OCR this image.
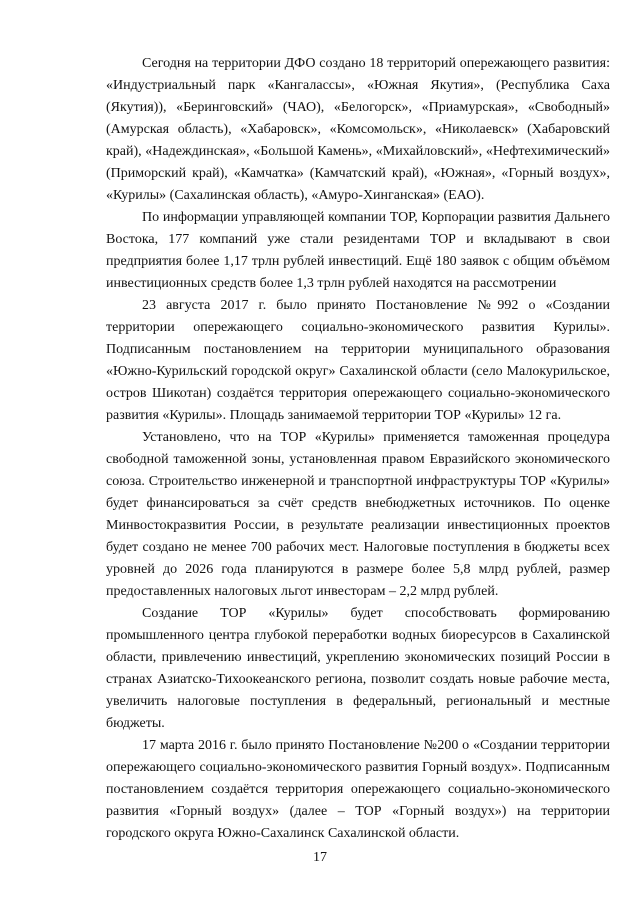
Сегодня на территории ДФО создано 18 территорий опережающего развития: «Индустриальный парк «Кангалассы», «Южная Якутия», (Республика Саха (Якутия)), «Беринговский» (ЧАО), «Белогорск», «Приамурская», «Свободный» (Амурская область), «Хабаровск», «Комсомольск», «Николаевск» (Хабаровский край), «Надеждинская», «Большой Камень», «Михайловский», «Нефтехимический» (Приморский край), «Камчатка» (Камчатский край), «Южная», «Горный воздух», «Курилы» (Сахалинская область), «Амуро-Хинганская» (ЕАО).

По информации управляющей компании ТОР, Корпорации развития Дальнего Востока, 177 компаний уже стали резидентами ТОР и вкладывают в свои предприятия более 1,17 трлн рублей инвестиций. Ещё 180 заявок с общим объёмом инвестиционных средств более 1,3 трлн рублей находятся на рассмотрении

23 августа 2017 г. было принято Постановление №992 о «Создании территории опережающего социально-экономического развития Курилы». Подписанным постановлением на территории муниципального образования «Южно-Курильский городской округ» Сахалинской области (село Малокурильское, остров Шикотан) создаётся территория опережающего социально-экономического развития «Курилы». Площадь занимаемой территории ТОР «Курилы» 12 га.

Установлено, что на ТОР «Курилы» применяется таможенная процедура свободной таможенной зоны, установленная правом Евразийского экономического союза. Строительство инженерной и транспортной инфраструктуры ТОР «Курилы» будет финансироваться за счёт средств внебюджетных источников. По оценке Минвостокразвития России, в результате реализации инвестиционных проектов будет создано не менее 700 рабочих мест. Налоговые поступления в бюджеты всех уровней до 2026 года планируются в размере более 5,8 млрд рублей, размер предоставленных налоговых льгот инвесторам – 2,2 млрд рублей.

Создание ТОР «Курилы» будет способствовать формированию промышленного центра глубокой переработки водных биоресурсов в Сахалинской области, привлечению инвестиций, укреплению экономических позиций России в странах Азиатско-Тихоокеанского региона, позволит создать новые рабочие места, увеличить налоговые поступления в федеральный, региональный и местные бюджеты.

17 марта 2016 г. было принято Постановление №200 о «Создании территории опережающего социально-экономического развития Горный воздух». Подписанным постановлением создаётся территория опережающего социально-экономического развития «Горный воздух» (далее – ТОР «Горный воздух») на территории городского округа Южно-Сахалинск Сахалинской области.

17
